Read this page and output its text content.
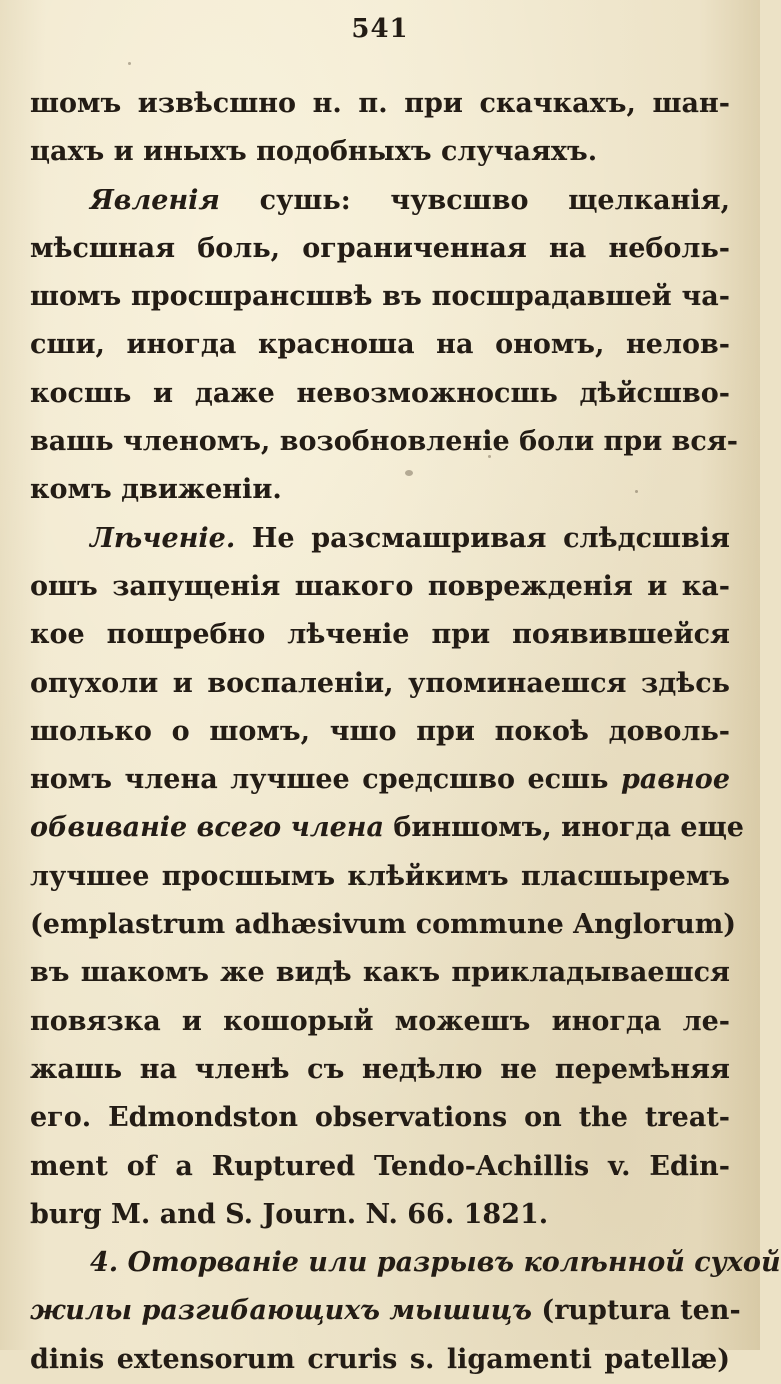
541
шомъ извѣсшно н. п. при скачкахъ, шан-
цахъ и иныхъ подобныхъ случаяхъ.
Явленія сушь: чувсшво щелканія,
мѣсшная боль, ограниченная на неболь-
шомъ просшрансшвѣ въ посшрадавшей ча-
сши, иногда красноша на ономъ, нелов-
косшь и даже невозможносшь дѣйсшво-
вашь членомъ, возобновленіе боли при вся-
комъ движеніи.
Лѣченіе. Не разсмашривая слѣдсшвія
ошъ запущенія шакого поврежденія и ка-
кое пошребно лѣченіе при появившейся
опухоли и воспаленіи, упоминаешся здѣсь
шолько о шомъ, чшо при покоѣ доволь-
номъ члена лучшее средсшво есшь равное
обвиваніе всего члена биншомъ, иногда еще
лучшее просшымъ клѣйкимъ пласшыремъ
(emplastrum adhæsivum commune Anglorum)
въ шакомъ же видѣ какъ прикладываешся
повязка и кошорый можешъ иногда ле-
жашь на членѣ съ недѣлю не перемѣняя
его. Edmondston observations on the treat-
ment of a Ruptured Tendo-Achillis v. Edin-
burg M. and S. Journ. N. 66. 1821.
4. Оторваніе или разрывъ колѣнной сухой
жилы разгибающихъ мышицъ (ruptura ten-
dinis extensorum cruris s. ligamenti patellæ)
